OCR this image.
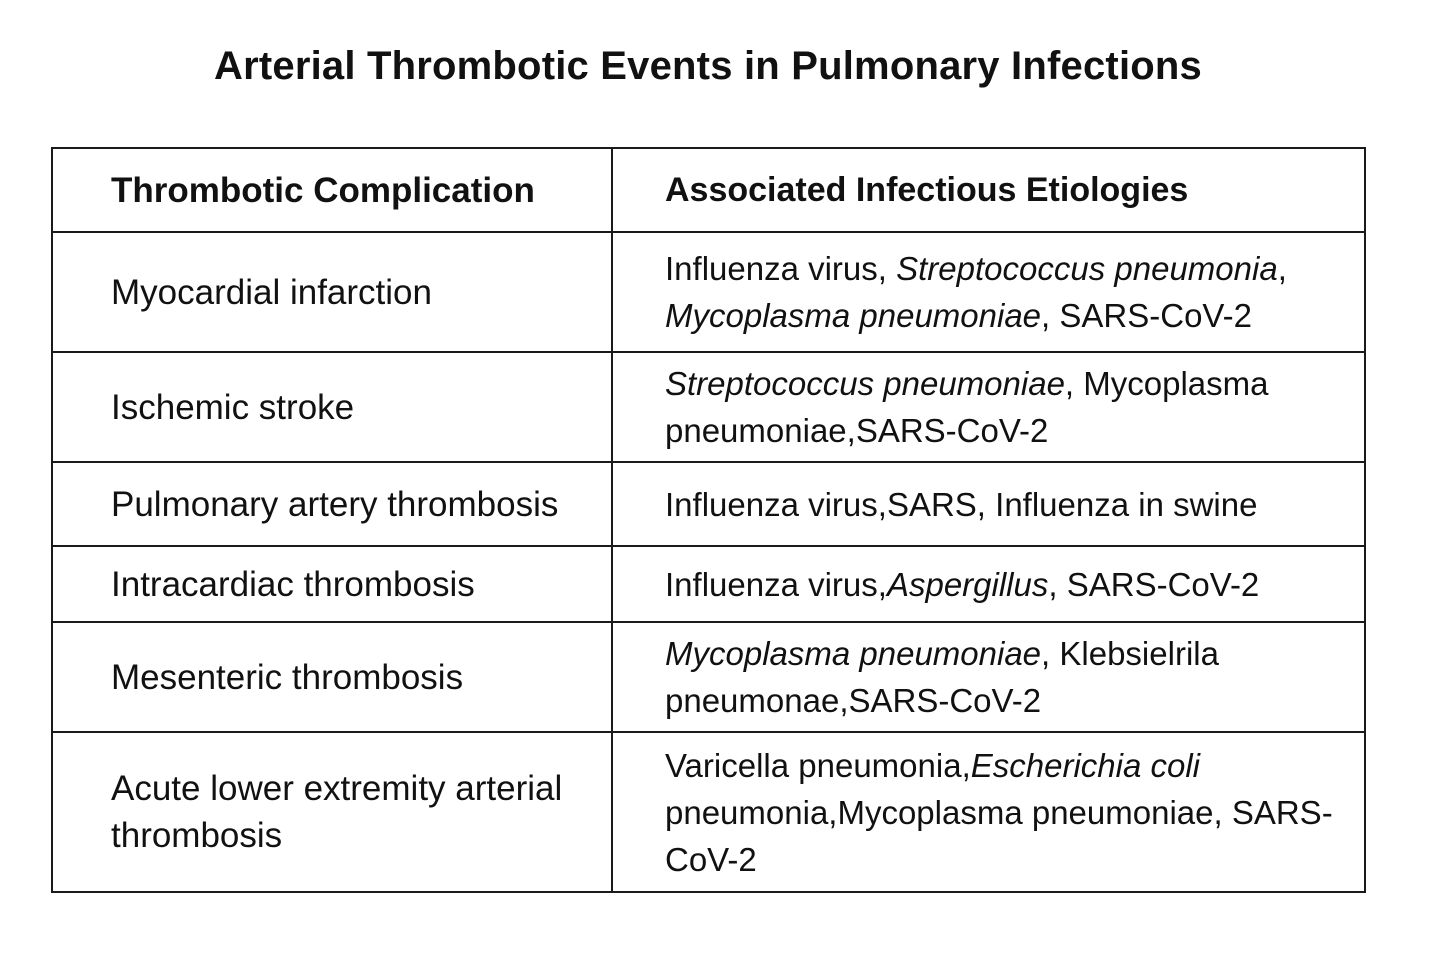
Arterial Thrombotic Events in Pulmonary Infections
Thrombotic Complication	Associated Infectious Etiologies
Myocardial infarction	Influenza virus, Streptococcus pneumonia, Mycoplasma pneumoniae, SARS-CoV-2
Ischemic stroke	Streptococcus pneumoniae, Mycoplasma pneumoniae,SARS-CoV-2
Pulmonary artery thrombosis	Influenza virus,SARS, Influenza in swine
Intracardiac thrombosis	Influenza virus,Aspergillus, SARS-CoV-2
Mesenteric thrombosis	Mycoplasma pneumoniae, Klebsielrila pneumonae,SARS-CoV-2
Acute lower extremity arterial thrombosis	Varicella pneumonia,Escherichia coli pneumonia,Mycoplasma pneumoniae, SARS-CoV-2
